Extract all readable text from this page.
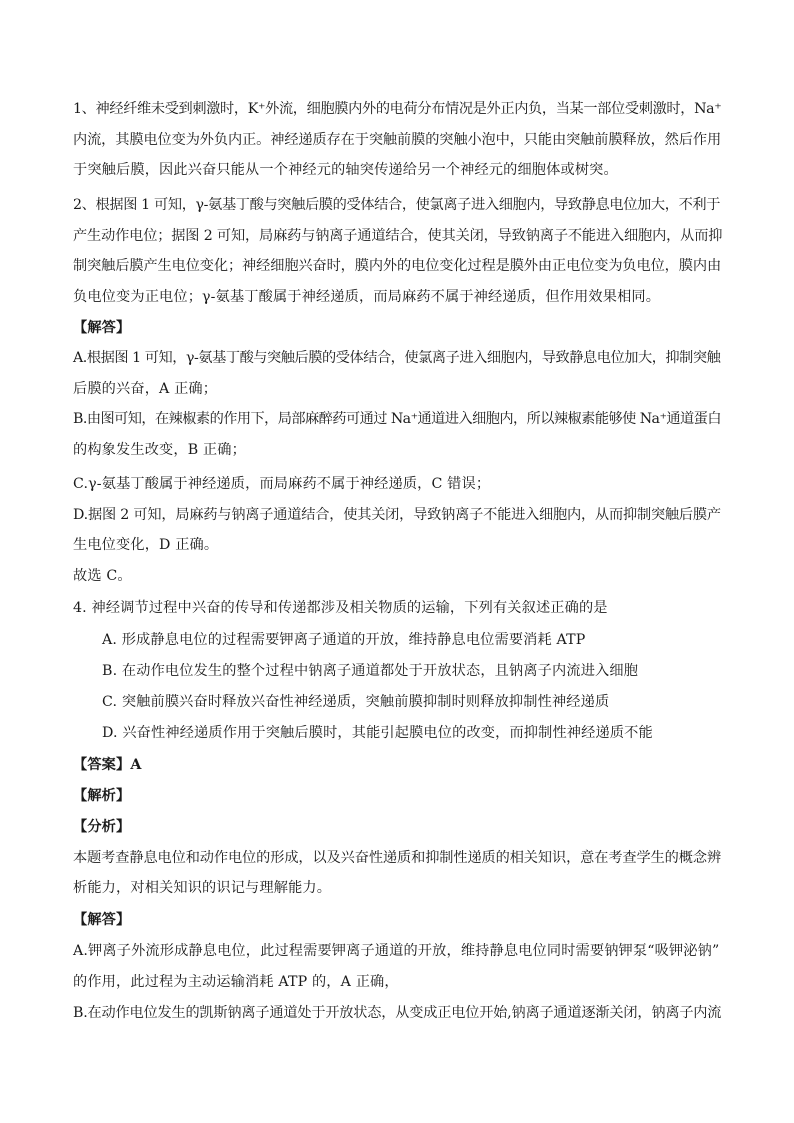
1、神经纤维未受到刺激时，K⁺外流，细胞膜内外的电荷分布情况是外正内负，当某一部位受刺激时，Na⁺
内流，其膜电位变为外负内正。神经递质存在于突触前膜的突触小泡中，只能由突触前膜释放，然后作用
于突触后膜，因此兴奋只能从一个神经元的轴突传递给另一个神经元的细胞体或树突。
2、根据图 1 可知，γ-氨基丁酸与突触后膜的受体结合，使氯离子进入细胞内，导致静息电位加大，不利于
产生动作电位；据图 2 可知，局麻药与钠离子通道结合，使其关闭，导致钠离子不能进入细胞内，从而抑
制突触后膜产生电位变化；神经细胞兴奋时，膜内外的电位变化过程是膜外由正电位变为负电位，膜内由
负电位变为正电位；γ-氨基丁酸属于神经递质，而局麻药不属于神经递质，但作用效果相同。
【解答】
A.根据图 1 可知，γ-氨基丁酸与突触后膜的受体结合，使氯离子进入细胞内，导致静息电位加大，抑制突触
后膜的兴奋，A 正确；
B.由图可知，在辣椒素的作用下，局部麻醉药可通过 Na⁺通道进入细胞内，所以辣椒素能够使 Na⁺通道蛋白
的构象发生改变，B 正确；
C.γ-氨基丁酸属于神经递质，而局麻药不属于神经递质，C 错误；
D.据图 2 可知，局麻药与钠离子通道结合，使其关闭，导致钠离子不能进入细胞内，从而抑制突触后膜产
生电位变化，D 正确。
故选 C。
4. 神经调节过程中兴奋的传导和传递都涉及相关物质的运输，下列有关叙述正确的是
A. 形成静息电位的过程需要钾离子通道的开放，维持静息电位需要消耗 ATP
B. 在动作电位发生的整个过程中钠离子通道都处于开放状态，且钠离子内流进入细胞
C. 突触前膜兴奋时释放兴奋性神经递质，突触前膜抑制时则释放抑制性神经递质
D. 兴奋性神经递质作用于突触后膜时，其能引起膜电位的改变，而抑制性神经递质不能
【答案】A
【解析】
【分析】
本题考查静息电位和动作电位的形成，以及兴奋性递质和抑制性递质的相关知识，意在考查学生的概念辨
析能力，对相关知识的识记与理解能力。
【解答】
A.钾离子外流形成静息电位，此过程需要钾离子通道的开放，维持静息电位同时需要钠钾泵“吸钾泌钠”
的作用，此过程为主动运输消耗 ATP 的，A 正确，
B.在动作电位发生的凯斯钠离子通道处于开放状态，从变成正电位开始,钠离子通道逐渐关闭，钠离子内流
